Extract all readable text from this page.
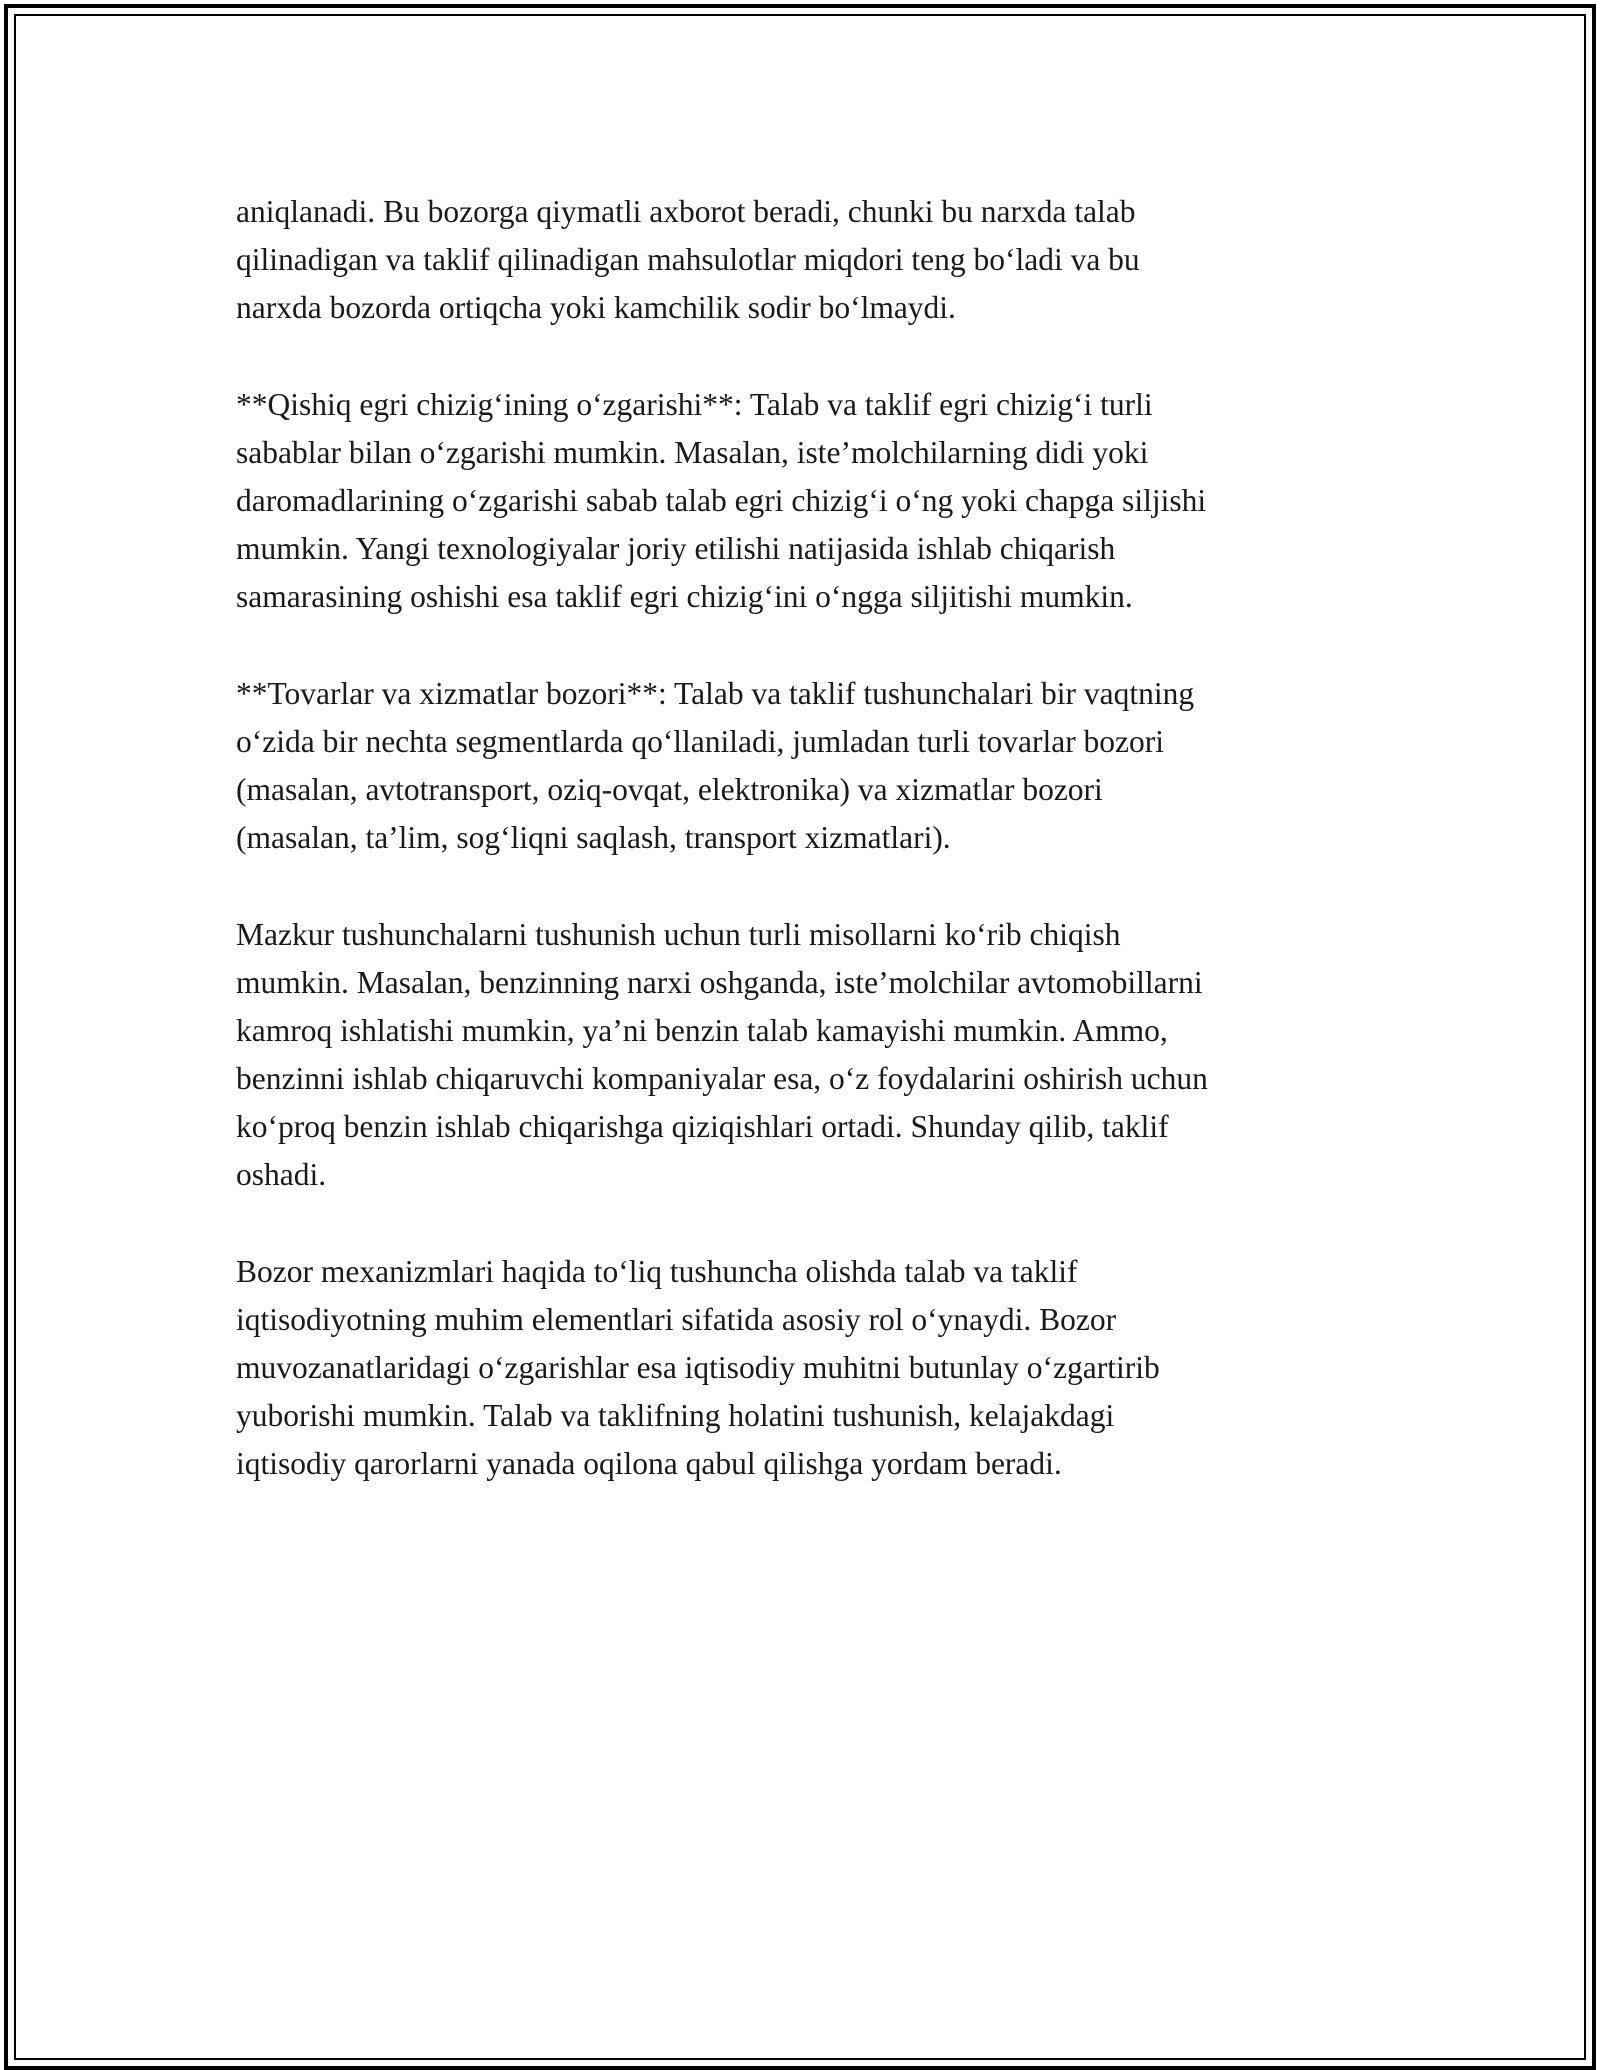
aniqlanadi. Bu bozorga qiymatli axborot beradi, chunki bu narxda talab
qilinadigan va taklif qilinadigan mahsulotlar miqdori teng bo‘ladi va bu
narxda bozorda ortiqcha yoki kamchilik sodir bo‘lmaydi.

**Qishiq egri chizig‘ining o‘zgarishi**: Talab va taklif egri chizig‘i turli
sabablar bilan o‘zgarishi mumkin. Masalan, iste’molchilarning didi yoki
daromadlarining o‘zgarishi sabab talab egri chizig‘i o‘ng yoki chapga siljishi
mumkin. Yangi texnologiyalar joriy etilishi natijasida ishlab chiqarish
samarasining oshishi esa taklif egri chizig‘ini o‘ngga siljitishi mumkin.

**Tovarlar va xizmatlar bozori**: Talab va taklif tushunchalari bir vaqtning
o‘zida bir nechta segmentlarda qo‘llaniladi, jumladan turli tovarlar bozori
(masalan, avtotransport, oziq-ovqat, elektronika) va xizmatlar bozori
(masalan, ta’lim, sog‘liqni saqlash, transport xizmatlari).

Mazkur tushunchalarni tushunish uchun turli misollarni ko‘rib chiqish
mumkin. Masalan, benzinning narxi oshganda, iste’molchilar avtomobillarni
kamroq ishlatishi mumkin, ya’ni benzin talab kamayishi mumkin. Ammo,
benzinni ishlab chiqaruvchi kompaniyalar esa, o‘z foydalarini oshirish uchun
ko‘proq benzin ishlab chiqarishga qiziqishlari ortadi. Shunday qilib, taklif
oshadi.

Bozor mexanizmlari haqida to‘liq tushuncha olishda talab va taklif
iqtisodiyotning muhim elementlari sifatida asosiy rol o‘ynaydi. Bozor
muvozanatlaridagi o‘zgarishlar esa iqtisodiy muhitni butunlay o‘zgartirib
yuborishi mumkin. Talab va taklifning holatini tushunish, kelajakdagi
iqtisodiy qarorlarni yanada oqilona qabul qilishga yordam beradi.
